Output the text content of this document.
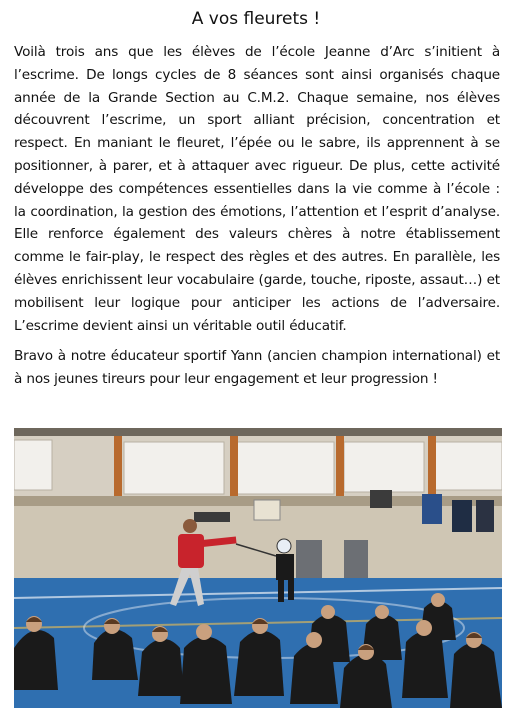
A vos fleurets !

Voilà trois ans que les élèves de l’école Jeanne d’Arc s’initient à l’escrime. De longs cycles de 8 séances sont ainsi organisés chaque année de la Grande Section au C.M.2. Chaque semaine, nos élèves découvrent l’escrime, un sport alliant précision, concentration et respect. En maniant le fleuret, l’épée ou le sabre, ils apprennent à se positionner, à parer, et à attaquer avec rigueur. De plus, cette activité développe des compétences essentielles dans la vie comme à l’école : la coordination, la gestion des émotions, l’attention et l’esprit d’analyse. Elle renforce également des valeurs chères à notre établissement comme le fair-play, le respect des règles et des autres. En parallèle, les élèves enrichissent leur vocabulaire (garde, touche, riposte, assaut…) et mobilisent leur logique pour anticiper les actions de l’adversaire. L’escrime devient ainsi un véritable outil éducatif.

Bravo à notre éducateur sportif Yann (ancien champion international) et à nos jeunes tireurs pour leur engagement et leur progression !
